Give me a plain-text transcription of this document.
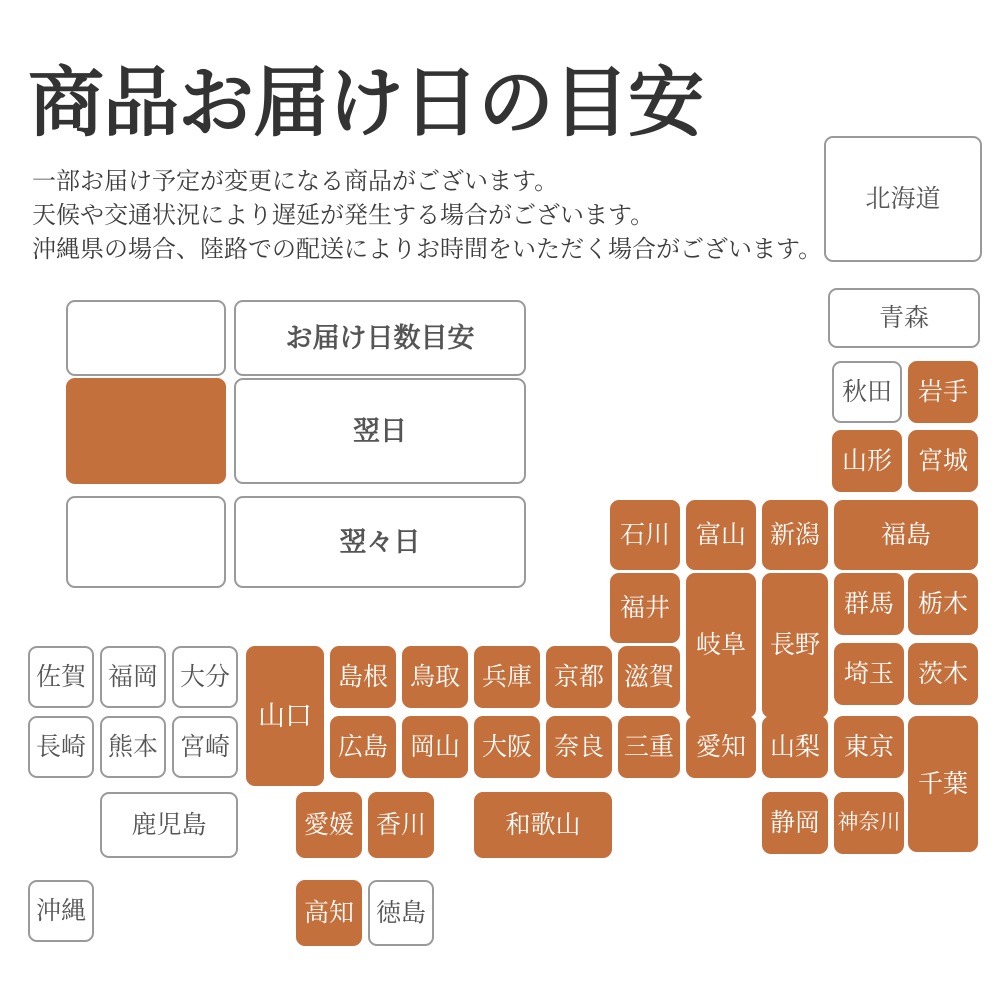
商品お届け日の目安
一部お届け予定が変更になる商品がございます。
天候や交通状況により遅延が発生する場合がございます。
沖縄県の場合、陸路での配送によりお時間をいただく場合がございます。
お届け日数目安
翌日
翌々日
北海道
青森
秋田	岩手
山形	宮城
石川	富山 新潟	福島
福井
岐阜 長野
群馬 栃木
埼玉 茨木
佐賀 福岡 大分
山口
島根 鳥取 兵庫 京都 滋賀
長崎 熊本 宮崎	広島 岡山 大阪 奈良 三重 愛知 山梨 東京
千葉
鹿児島	愛媛 香川	和歌山	静岡 神奈川
沖縄	高知 徳島
